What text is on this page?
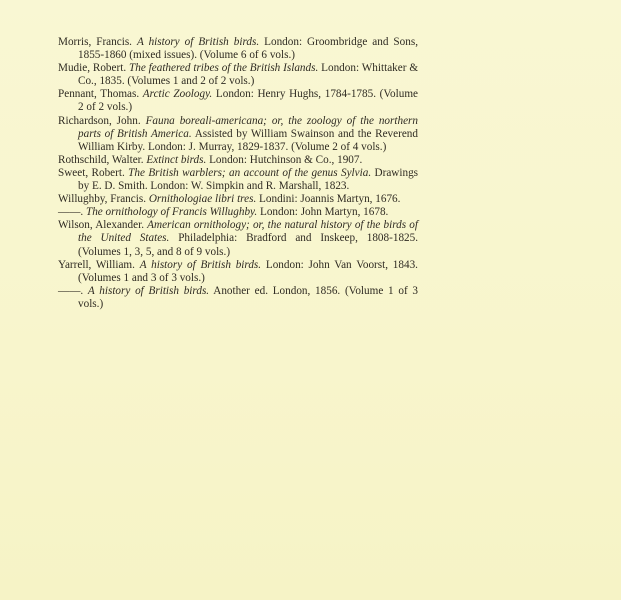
Morris, Francis. A history of British birds. London: Groombridge and Sons, 1855-1860 (mixed issues). (Volume 6 of 6 vols.)

Mudie, Robert. The feathered tribes of the British Islands. London: Whittaker & Co., 1835. (Volumes 1 and 2 of 2 vols.)

Pennant, Thomas. Arctic Zoology. London: Henry Hughs, 1784-1785. (Volume 2 of 2 vols.)

Richardson, John. Fauna boreali-americana; or, the zoology of the northern parts of British America. Assisted by William Swainson and the Reverend William Kirby. London: J. Murray, 1829-1837. (Volume 2 of 4 vols.)

Rothschild, Walter. Extinct birds. London: Hutchinson & Co., 1907.

Sweet, Robert. The British warblers; an account of the genus Sylvia. Drawings by E. D. Smith. London: W. Simpkin and R. Marshall, 1823.

Willughby, Francis. Ornithologiae libri tres. Londini: Joannis Martyn, 1676.

——. The ornithology of Francis Willughby. London: John Martyn, 1678.

Wilson, Alexander. American ornithology; or, the natural history of the birds of the United States. Philadelphia: Bradford and Inskeep, 1808-1825. (Volumes 1, 3, 5, and 8 of 9 vols.)

Yarrell, William. A history of British birds. London: John Van Voorst, 1843. (Volumes 1 and 3 of 3 vols.)

——. A history of British birds. Another ed. London, 1856. (Volume 1 of 3 vols.)
